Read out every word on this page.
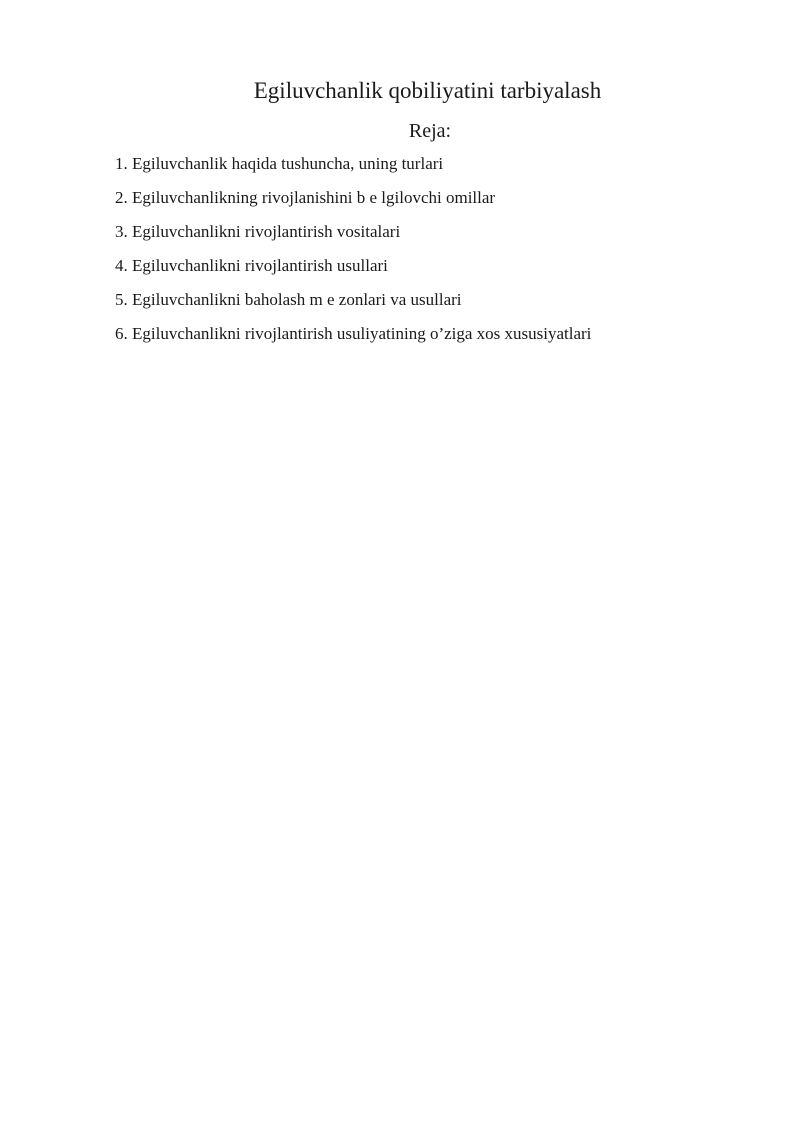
Egiluvchanlik qobiliyatini tarbiyalash
Reja:
1. Egiluvchanlik haqida tushuncha, uning turlari
2. Egiluvchanlikning rivojlanishini b e lgilovchi omillar
3. Egiluvchanlikni rivojlantirish vositalari
4. Egiluvchanlikni rivojlantirish usullari
5. Egiluvchanlikni baholash m e zonlari va usullari
6. Egiluvchanlikni rivojlantirish usuliyatining o’ziga xos xususiyatlari
